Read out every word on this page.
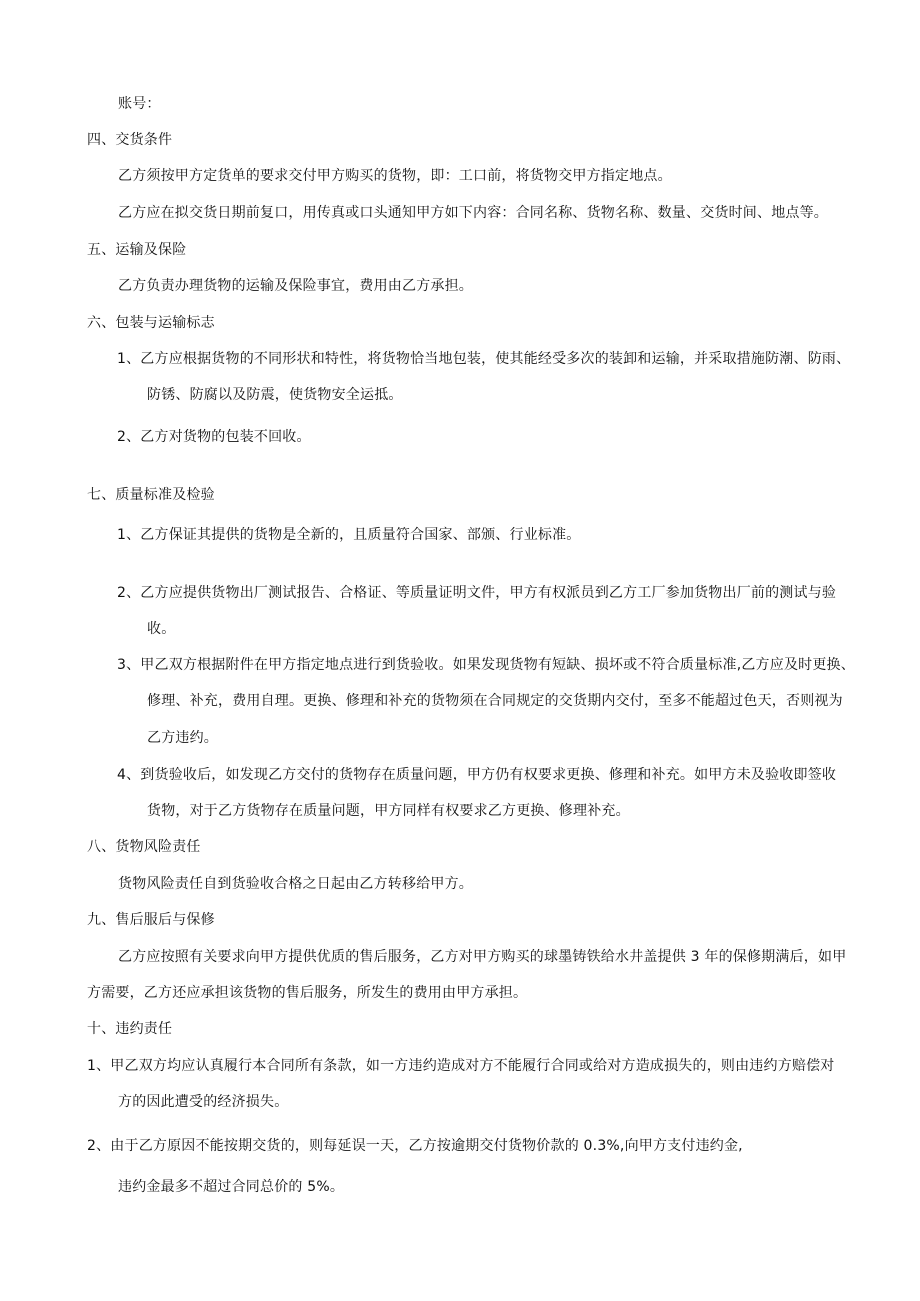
账号：
四、交货条件
乙方须按甲方定货单的要求交付甲方购买的货物，即：工口前，将货物交甲方指定地点。
乙方应在拟交货日期前复口，用传真或口头通知甲方如下内容：合同名称、货物名称、数量、交货时间、地点等。
五、运输及保险
乙方负责办理货物的运输及保险事宜，费用由乙方承担。
六、包装与运输标志
1、乙方应根据货物的不同形状和特性，将货物恰当地包装，使其能经受多次的装卸和运输，并采取措施防潮、防雨、
防锈、防腐以及防震，使货物安全运抵。
2、乙方对货物的包装不回收。
七、质量标准及检验
1、乙方保证其提供的货物是全新的，且质量符合国家、部颁、行业标准。
2、乙方应提供货物出厂测试报告、合格证、等质量证明文件，甲方有权派员到乙方工厂参加货物出厂前的测试与验
收。
3、甲乙双方根据附件在甲方指定地点进行到货验收。如果发现货物有短缺、损坏或不符合质量标准,乙方应及时更换、
修理、补充，费用自理。更换、修理和补充的货物须在合同规定的交货期内交付，至多不能超过色天，否则视为
乙方违约。
4、到货验收后，如发现乙方交付的货物存在质量问题，甲方仍有权要求更换、修理和补充。如甲方未及验收即签收
货物，对于乙方货物存在质量问题，甲方同样有权要求乙方更换、修理补充。
八、货物风险责任
货物风险责任自到货验收合格之日起由乙方转移给甲方。
九、售后服后与保修
乙方应按照有关要求向甲方提供优质的售后服务，乙方对甲方购买的球墨铸铁给水井盖提供 3 年的保修期满后，如甲
方需要，乙方还应承担该货物的售后服务，所发生的费用由甲方承担。
十、违约责任
1、甲乙双方均应认真履行本合同所有条款，如一方违约造成对方不能履行合同或给对方造成损失的，则由违约方赔偿对
方的因此遭受的经济损失。
2、由于乙方原因不能按期交货的，则每延误一天，乙方按逾期交付货物价款的 0.3%,向甲方支付违约金,
违约金最多不超过合同总价的 5%。
